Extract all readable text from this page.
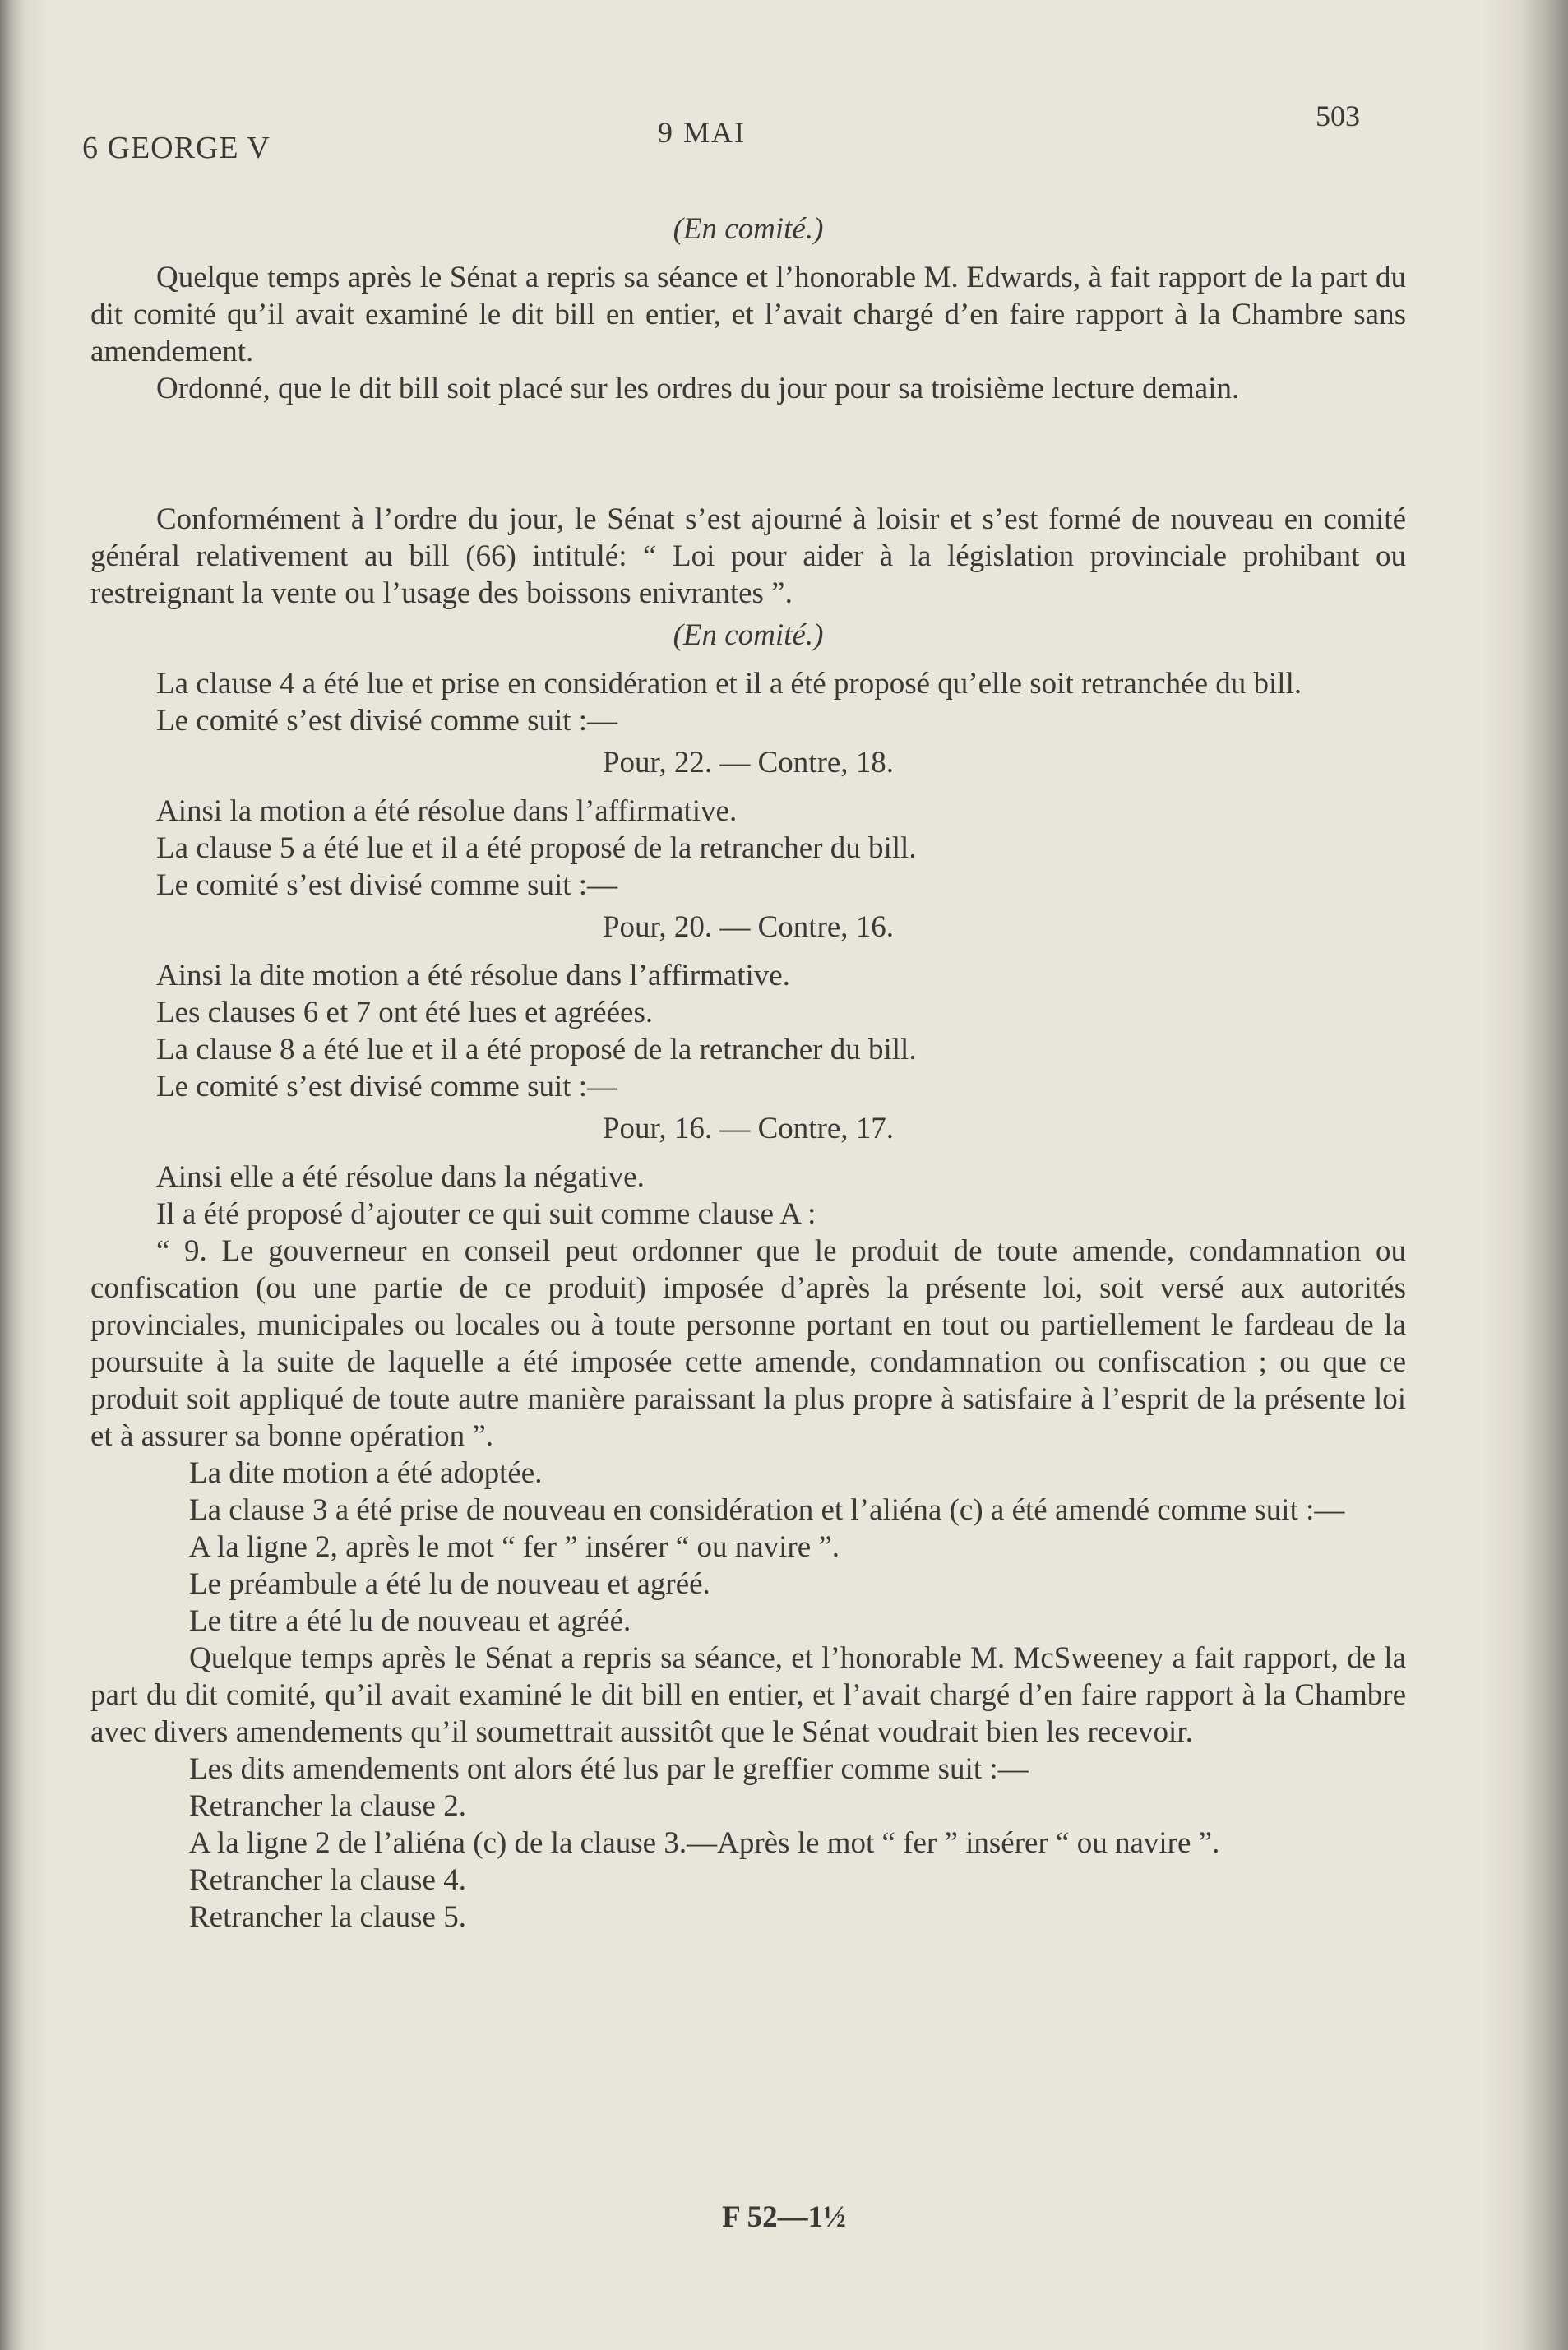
6 GEORGE V	9 MAI	503

(En comité.)

Quelque temps après le Sénat a repris sa séance et l’honorable M. Edwards, à fait rapport de la part du dit comité qu’il avait examiné le dit bill en entier, et l’avait chargé d’en faire rapport à la Chambre sans amendement.

Ordonné, que le dit bill soit placé sur les ordres du jour pour sa troisième lecture demain.

Conformément à l’ordre du jour, le Sénat s’est ajourné à loisir et s’est formé de nouveau en comité général relativement au bill (66) intitulé: “ Loi pour aider à la législation provinciale prohibant ou restreignant la vente ou l’usage des boissons enivrantes ”.

(En comité.)

La clause 4 a été lue et prise en considération et il a été proposé qu’elle soit retranchée du bill.

Le comité s’est divisé comme suit :—

Pour, 22. — Contre, 18.

Ainsi la motion a été résolue dans l’affirmative.

La clause 5 a été lue et il a été proposé de la retrancher du bill.

Le comité s’est divisé comme suit :—

Pour, 20. — Contre, 16.

Ainsi la dite motion a été résolue dans l’affirmative.

Les clauses 6 et 7 ont été lues et agréées.

La clause 8 a été lue et il a été proposé de la retrancher du bill.

Le comité s’est divisé comme suit :—

Pour, 16. — Contre, 17.

Ainsi elle a été résolue dans la négative.

Il a été proposé d’ajouter ce qui suit comme clause A :

“ 9. Le gouverneur en conseil peut ordonner que le produit de toute amende, condamnation ou confiscation (ou une partie de ce produit) imposée d’après la présente loi, soit versé aux autorités provinciales, municipales ou locales ou à toute personne portant en tout ou partiellement le fardeau de la poursuite à la suite de laquelle a été imposée cette amende, condamnation ou confiscation ; ou que ce produit soit appliqué de toute autre manière paraissant la plus propre à satisfaire à l’esprit de la présente loi et à assurer sa bonne opération ”.

La dite motion a été adoptée.

La clause 3 a été prise de nouveau en considération et l’aliéna (c) a été amendé comme suit :—

A la ligne 2, après le mot “ fer ” insérer “ ou navire ”.

Le préambule a été lu de nouveau et agréé.

Le titre a été lu de nouveau et agréé.

Quelque temps après le Sénat a repris sa séance, et l’honorable M. McSweeney a fait rapport, de la part du dit comité, qu’il avait examiné le dit bill en entier, et l’avait chargé d’en faire rapport à la Chambre avec divers amendements qu’il soumettrait aussitôt que le Sénat voudrait bien les recevoir.

Les dits amendements ont alors été lus par le greffier comme suit :—

Retrancher la clause 2.

A la ligne 2 de l’aliéna (c) de la clause 3.—Après le mot “ fer ” insérer “ ou navire ”.

Retrancher la clause 4.

Retrancher la clause 5.

F 52—1½
